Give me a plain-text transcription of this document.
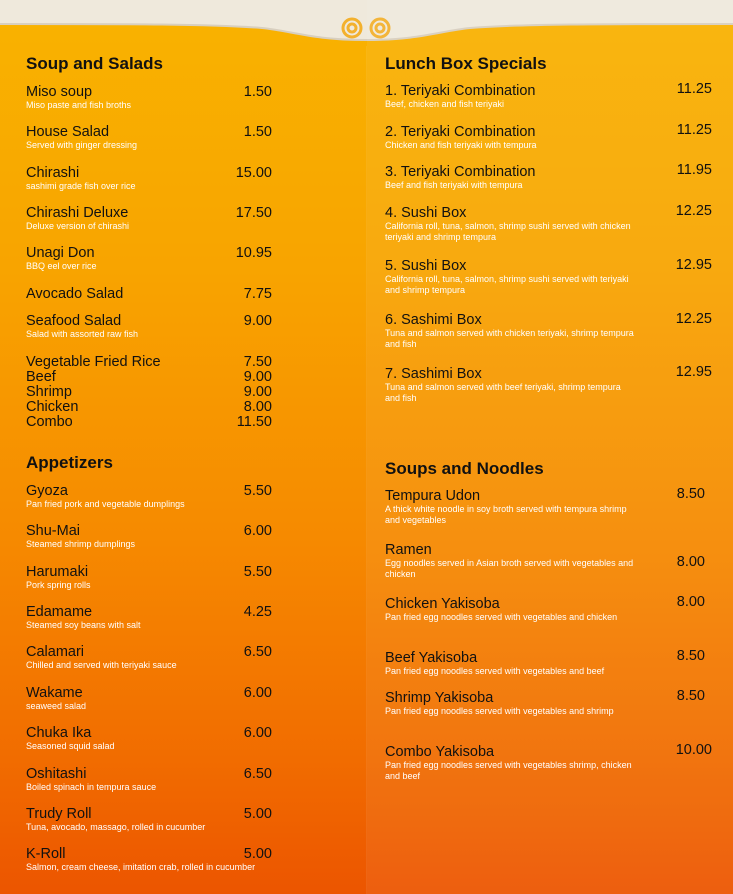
Soup and Salads
Miso soup
Miso paste and fish broths
1.50
House Salad
Served with ginger dressing
1.50
Chirashi
sashimi grade fish over rice
15.00
Chirashi Deluxe
Deluxe version of chirashi
17.50
Unagi Don
BBQ eel over rice
10.95
Avocado Salad	7.75
Seafood Salad
Salad with assorted raw fish
9.00
Vegetable Fried Rice
Beef
Shrimp
Chicken
Combo
7.50
9.00
9.00
8.00
11.50
Appetizers
Gyoza
Pan fried pork and vegetable dumplings
5.50
Shu-Mai
Steamed shrimp dumplings
6.00
Harumaki
Pork spring rolls
5.50
Edamame
Steamed soy beans with salt
4.25
Calamari
Chilled and served with teriyaki sauce
6.50
Wakame
seaweed salad
6.00
Chuka Ika
Seasoned squid salad
6.00
Oshitashi
Boiled spinach in tempura sauce
6.50
Trudy Roll
Tuna, avocado, massago, rolled in cucumber
5.00
K-Roll
Salmon, cream cheese, imitation crab, rolled in cucumber
5.00
Lunch Box Specials
1. Teriyaki Combination
Beef, chicken and fish teriyaki
11.25
2. Teriyaki Combination
Chicken and fish teriyaki with tempura
11.25
3. Teriyaki Combination
Beef and fish teriyaki with tempura
11.95
4. Sushi Box
California roll, tuna, salmon, shrimp sushi served with chicken teriyaki and shrimp tempura
12.25
5. Sushi Box
California roll, tuna, salmon, shrimp sushi served with teriyaki and shrimp tempura
12.95
6. Sashimi Box
Tuna and salmon served with chicken teriyaki, shrimp tempura and fish
12.25
7. Sashimi Box
Tuna and salmon served with beef teriyaki, shrimp tempura and fish
12.95
Soups and Noodles
Tempura Udon
A thick white noodle in soy broth served with tempura shrimp and vegetables
8.50
Ramen
Egg noodles served in Asian broth served with vegetables and chicken
8.00
Chicken Yakisoba
Pan fried egg noodles served with vegetables and chicken
8.00
Beef Yakisoba
Pan fried egg noodles served with vegetables and beef
8.50
Shrimp Yakisoba
Pan fried egg noodles served with vegetables and shrimp
8.50
Combo Yakisoba
Pan fried egg noodles served with vegetables shrimp, chicken and beef
10.00
